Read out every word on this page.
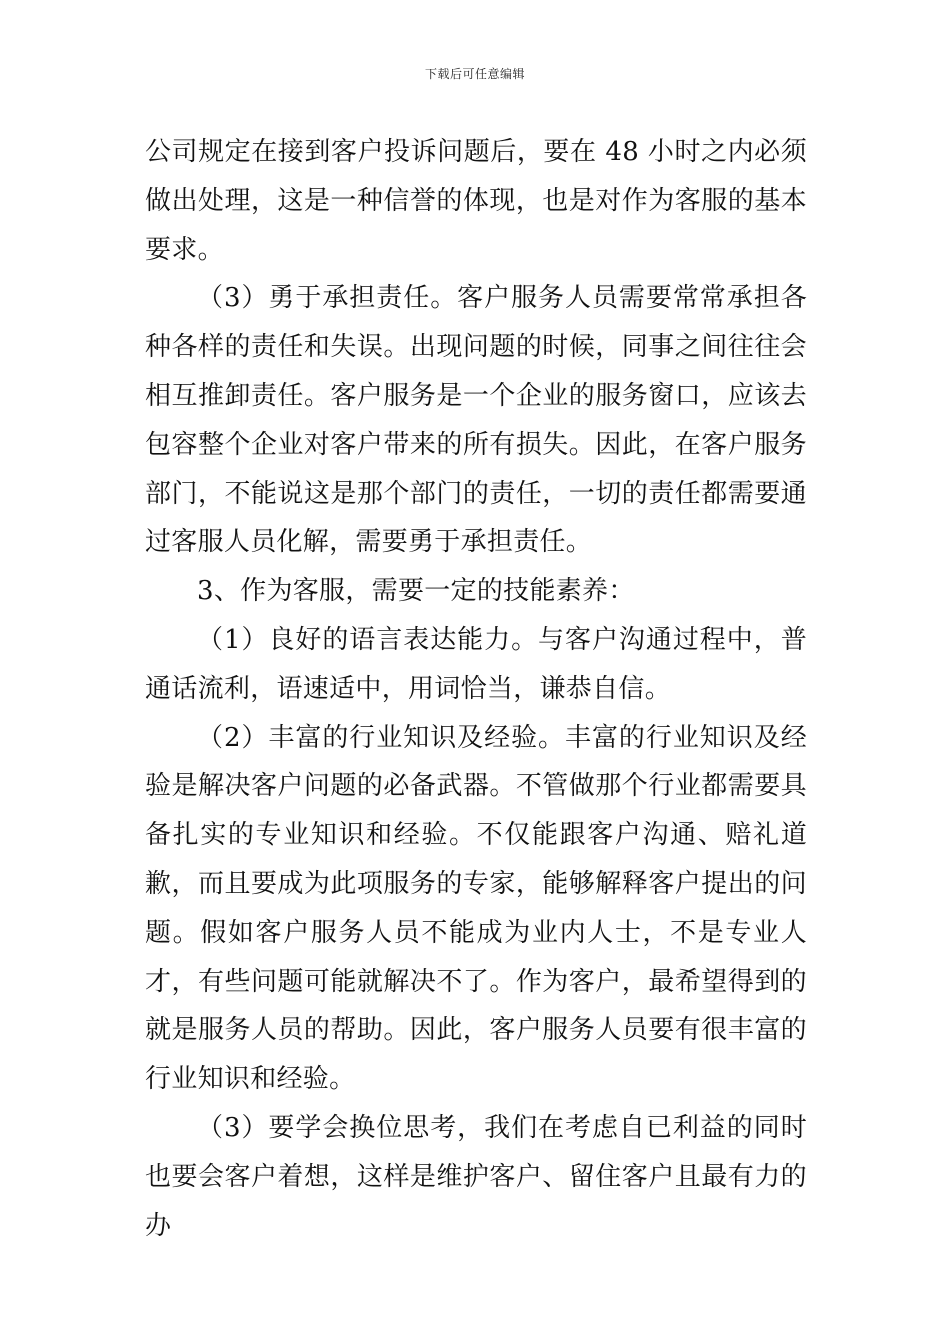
下载后可任意编辑

公司规定在接到客户投诉问题后，要在 48 小时之内必须做出处理，这是一种信誉的体现，也是对作为客服的基本要求。

（3）勇于承担责任。客户服务人员需要常常承担各种各样的责任和失误。出现问题的时候，同事之间往往会相互推卸责任。客户服务是一个企业的服务窗口，应该去包容整个企业对客户带来的所有损失。因此，在客户服务部门，不能说这是那个部门的责任，一切的责任都需要通过客服人员化解，需要勇于承担责任。

3、作为客服，需要一定的技能素养：

（1）良好的语言表达能力。与客户沟通过程中，普通话流利，语速适中，用词恰当，谦恭自信。

（2）丰富的行业知识及经验。丰富的行业知识及经验是解决客户问题的必备武器。不管做那个行业都需要具备扎实的专业知识和经验。不仅能跟客户沟通、赔礼道歉，而且要成为此项服务的专家，能够解释客户提出的问题。假如客户服务人员不能成为业内人士，不是专业人才，有些问题可能就解决不了。作为客户，最希望得到的就是服务人员的帮助。因此，客户服务人员要有很丰富的行业知识和经验。

（3）要学会换位思考，我们在考虑自已利益的同时也要会客户着想，这样是维护客户、留住客户且最有力的办
